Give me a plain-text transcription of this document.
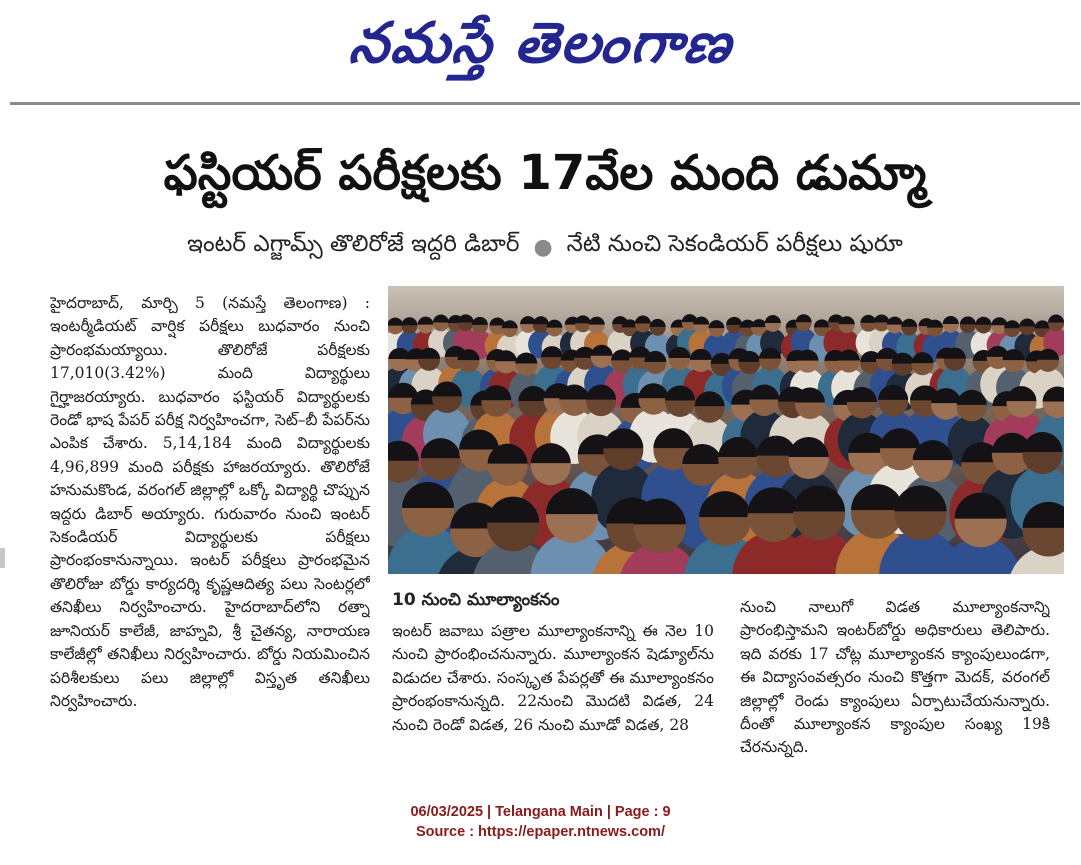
నమస్తే తెలంగాణ
ఫస్టియర్ పరీక్షలకు 17వేల మంది డుమ్మా
ఇంటర్ ఎగ్జామ్స్ తొలిరోజే ఇద్దరి డిబార్ ● నేటి నుంచి సెకండియర్ పరీక్షలు షురూ
హైదరాబాద్, మార్చి 5 (నమస్తే తెలంగాణ) : ఇంటర్మీడియట్ వార్షిక పరీక్షలు బుధవారం నుంచి ప్రారంభమయ్యాయి. తొలిరోజే పరీక్షలకు 17,010(3.42%) మంది విద్యార్థులు గైర్హాజరయ్యారు. బుధవారం ఫస్టియర్ విద్యార్థులకు రెండో భాష పేపర్ పరీక్ష నిర్వహించగా, సెట్–బీ పేపర్‌ను ఎంపిక చేశారు. 5,14,184 మంది విద్యార్థులకు 4,96,899 మంది పరీక్షకు హాజరయ్యారు. తొలిరోజే హనుమకొండ, వరంగల్ జిల్లాల్లో ఒక్కో విద్యార్థి చొప్పున ఇద్దరు డిబార్ అయ్యారు. గురువారం నుంచి ఇంటర్ సెకండియర్ విద్యార్థులకు పరీక్షలు ప్రారంభంకానున్నాయి. ఇంటర్ పరీక్షలు ప్రారంభమైన తొలిరోజు బోర్డు కార్యదర్శి కృష్ణఆదిత్య పలు సెంటర్లలో తనిఖీలు నిర్వహించారు. హైదరాబాద్‌లోని రత్నా జూనియర్ కాలేజీ, జాహ్నవి, శ్రీ చైతన్య, నారాయణ కాలేజీల్లో తనిఖీలు నిర్వహించారు. బోర్డు నియమించిన పరిశీలకులు పలు జిల్లాల్లో విస్తృత తనిఖీలు నిర్వహించారు.
10 నుంచి మూల్యాంకనం
ఇంటర్ జవాబు పత్రాల మూల్యాంకనాన్ని ఈ నెల 10 నుంచి ప్రారంభించనున్నారు. మూల్యాంకన షెడ్యూల్‌ను విడుదల చేశారు. సంస్కృత పేపర్లతో ఈ మూల్యాంకనం ప్రారంభంకానున్నది. 22నుంచి మొదటి విడత, 24 నుంచి రెండో విడత, 26 నుంచి మూడో విడత, 28
నుంచి నాలుగో విడత మూల్యాంకనాన్ని ప్రారంభిస్తామని ఇంటర్‌బోర్డు అధికారులు తెలిపారు. ఇది వరకు 17 చోట్ల మూల్యాంకన క్యాంపులుండగా, ఈ విద్యాసంవత్సరం నుంచి కొత్తగా మెదక్, వరంగల్ జిల్లాల్లో రెండు క్యాంపులు ఏర్పాటుచేయనున్నారు. దీంతో మూల్యాంకన క్యాంపుల సంఖ్య 19కి చేరనున్నది.
06/03/2025 | Telangana Main | Page : 9
Source : https://epaper.ntnews.com/
